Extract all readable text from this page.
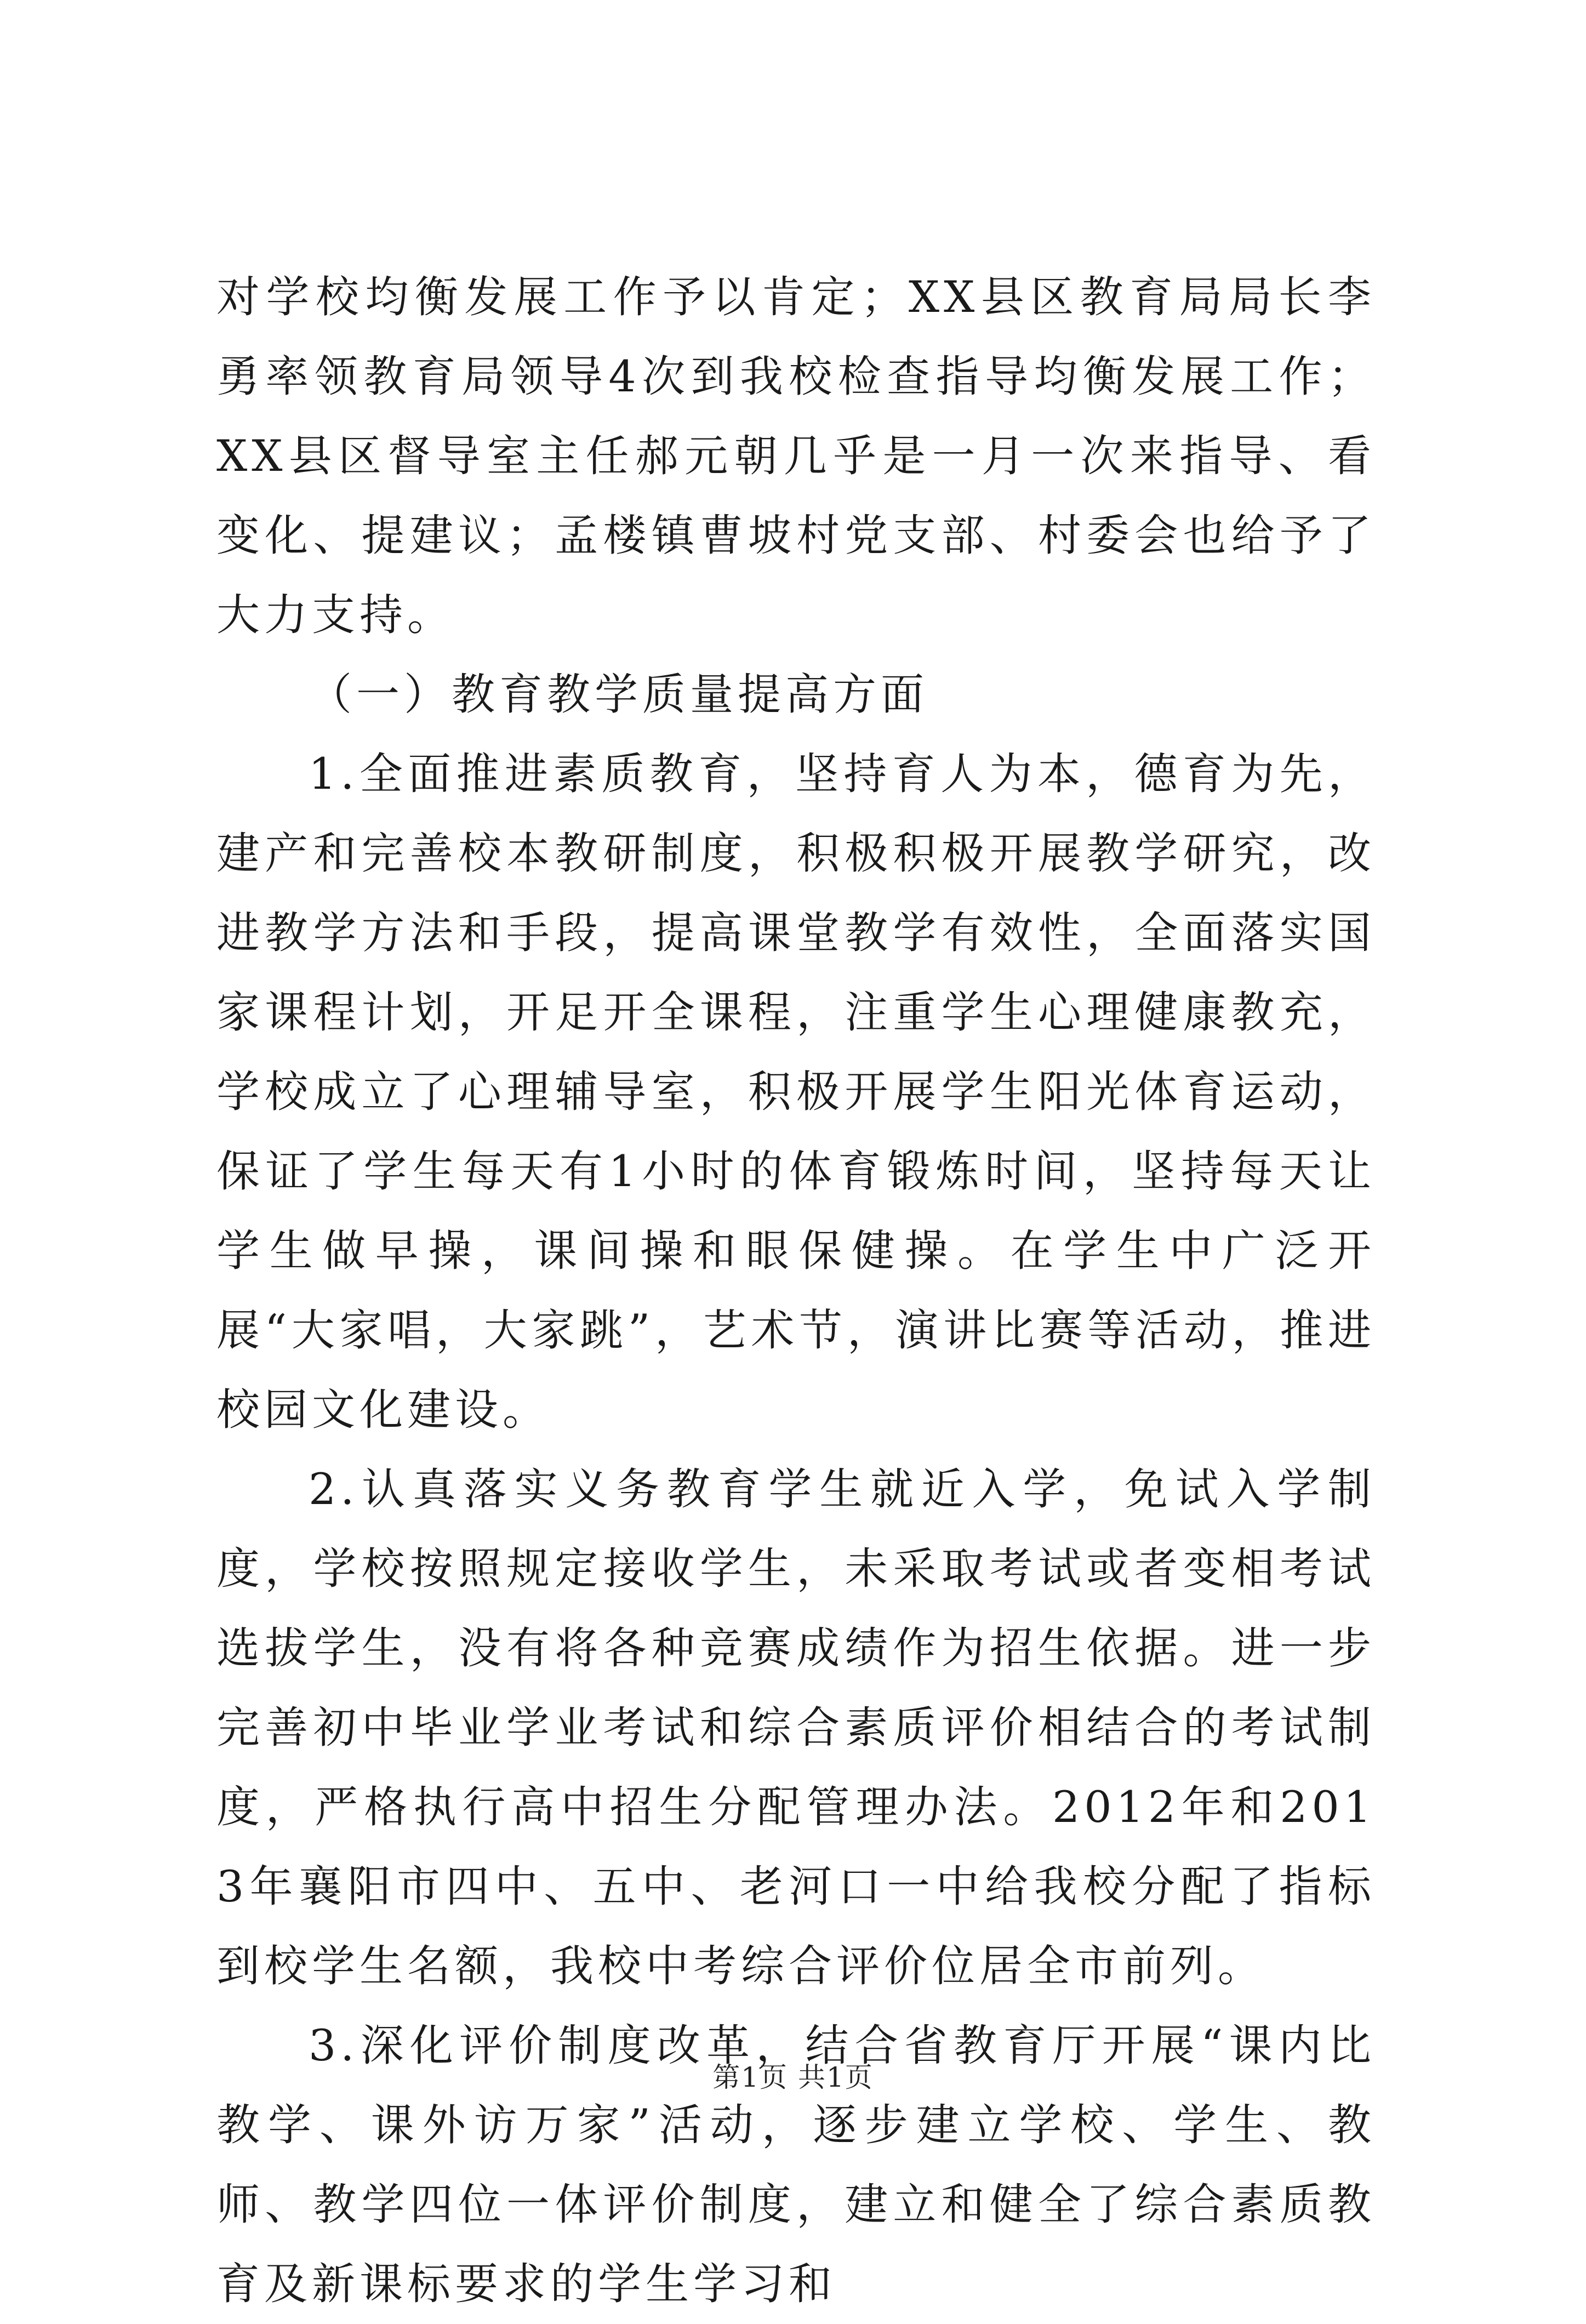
对学校均衡发展工作予以肯定；XX县区教育局局长李勇率领教育局领导4次到我校检查指导均衡发展工作；XX县区督导室主任郝元朝几乎是一月一次来指导、看变化、提建议；孟楼镇曹坡村党支部、村委会也给予了大力支持。

（一）教育教学质量提高方面

1.全面推进素质教育，坚持育人为本，德育为先，建产和完善校本教研制度，积极积极开展教学研究，改进教学方法和手段，提高课堂教学有效性，全面落实国家课程计划，开足开全课程，注重学生心理健康教充，学校成立了心理辅导室，积极开展学生阳光体育运动，保证了学生每天有1小时的体育锻炼时间，坚持每天让学生做早操，课间操和眼保健操。在学生中广泛开展“大家唱，大家跳”，艺术节，演讲比赛等活动，推进校园文化建设。

2.认真落实义务教育学生就近入学，免试入学制度，学校按照规定接收学生，未采取考试或者变相考试选拔学生，没有将各种竞赛成绩作为招生依据。进一步完善初中毕业学业考试和综合素质评价相结合的考试制度，严格执行高中招生分配管理办法。2012年和2013年襄阳市四中、五中、老河口一中给我校分配了指标到校学生名额，我校中考综合评价位居全市前列。

3.深化评价制度改革，结合省教育厅开展“课内比教学、课外访万家”活动，逐步建立学校、学生、教师、教学四位一体评价制度，建立和健全了综合素质教育及新课标要求的学生学习和

第1页 共1页
